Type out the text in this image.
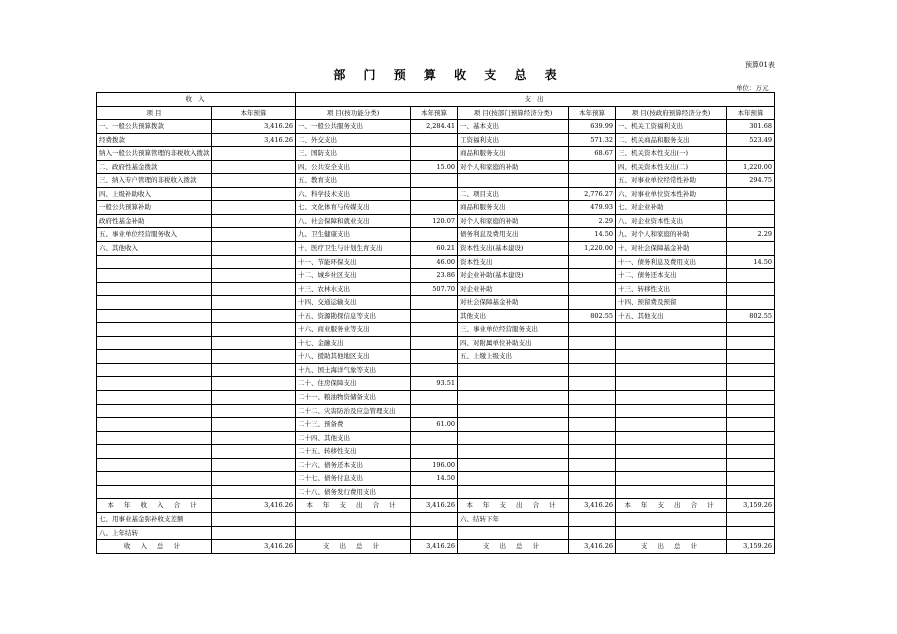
预算01表
部 门 预 算 收 支 总 表
单位：万元
收 入		支 出					
项 目	本年预算	项 目(按功能分类)	本年预算	项 目(按部门预算经济分类)	本年预算	项 目(按政府预算经济分类)	本年预算
一、一般公共预算拨款	3,416.26	一、一般公共服务支出	2,284.41	一、基本支出	639.99	一、机关工资福利支出	301.68
经费拨款	3,416.26	二、外交支出		工资福利支出	571.32	二、机关商品和服务支出	523.49
纳入一般公共预算管理的非税收入拨款		三、国防支出		商品和服务支出	68.67	三、机关资本性支出(一)	
二、政府性基金拨款		四、公共安全支出	15.00	对个人和家庭的补助		四、机关资本性支出(二)	1,220.00
三、纳入专户管理的非税收入拨款		五、教育支出				五、对事业单位经常性补助	294.75
四、上级补助收入		六、科学技术支出		二、项目支出	2,776.27	六、对事业单位资本性补助	
一般公共预算补助		七、文化体育与传媒支出		商品和服务支出	479.93	七、对企业补助	
政府性基金补助		八、社会保障和就业支出	120.07	对个人和家庭的补助	2.29	八、对企业资本性支出	
五、事业单位经营服务收入		九、卫生健康支出		债务利息及费用支出	14.50	九、对个人和家庭的补助	2.29
六、其他收入		十、医疗卫生与计划生育支出	60.21	资本性支出(基本建设)	1,220.00	十、对社会保障基金补助	
		十一、节能环保支出	46.00	资本性支出		十一、债务利息及费用支出	14.50
		十二、城乡社区支出	23.86	对企业补助(基本建设)		十二、债务还本支出	
		十三、农林水支出	507.70	对企业补助		十三、转移性支出	
		十四、交通运输支出		对社会保障基金补助		十四、预留费及预留	
		十五、资源勘探信息等支出		其他支出	802.55	十五、其他支出	802.55
		十六、商业服务业等支出		三、事业单位经营服务支出			
		十七、金融支出		四、对附属单位补助支出			
		十八、援助其他地区支出		五、上缴上级支出			
		十九、国土海洋气象等支出					
		二十、住房保障支出	93.51				
		二十一、粮油物资储备支出					
		二十二、灾害防治及应急管理支出					
		二十三、预备费	61.00				
		二十四、其他支出					
		二十五、转移性支出					
		二十六、债务还本支出	196.00				
		二十七、债务付息支出	14.50				
		二十八、债务发行费用支出					
本 年 收 入 合 计	3,416.26	本 年 支 出 合 计	3,416.26	本 年 支 出 合 计	3,416.26	本 年 支 出 合 计	3,159.26
七、用事业基金弥补收支差额				六、结转下年			
八、上年结转							
收 入 总 计	3,416.26	支 出 总 计	3,416.26	支 出 总 计	3,416.26	支 出 总 计	3,159.26
